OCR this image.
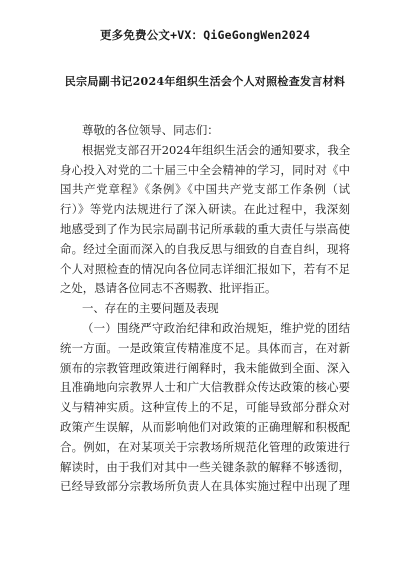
更多免费公文+VX：QiGeGongWen2024
民宗局副书记2024年组织生活会个人对照检查发言材料
尊敬的各位领导、同志们：
根据党支部召开2024年组织生活会的通知要求，我全
身心投入对党的二十届三中全会精神的学习，同时对《中
国共产党章程》《条例》《中国共产党支部工作条例（试
行）》等党内法规进行了深入研读。在此过程中，我深刻
地感受到了作为民宗局副书记所承载的重大责任与崇高使
命。经过全面而深入的自我反思与细致的自查自纠，现将
个人对照检查的情况向各位同志详细汇报如下，若有不足
之处，恳请各位同志不吝赐教、批评指正。
一、存在的主要问题及表现
（一）围绕严守政治纪律和政治规矩，维护党的团结
统一方面。一是政策宣传精准度不足。具体而言，在对新
颁布的宗教管理政策进行阐释时，我未能做到全面、深入
且准确地向宗教界人士和广大信教群众传达政策的核心要
义与精神实质。这种宣传上的不足，可能导致部分群众对
政策产生误解，从而影响他们对政策的正确理解和积极配
合。例如，在对某项关于宗教场所规范化管理的政策进行
解读时，由于我们对其中一些关键条款的解释不够透彻，
已经导致部分宗教场所负责人在具体实施过程中出现了理
